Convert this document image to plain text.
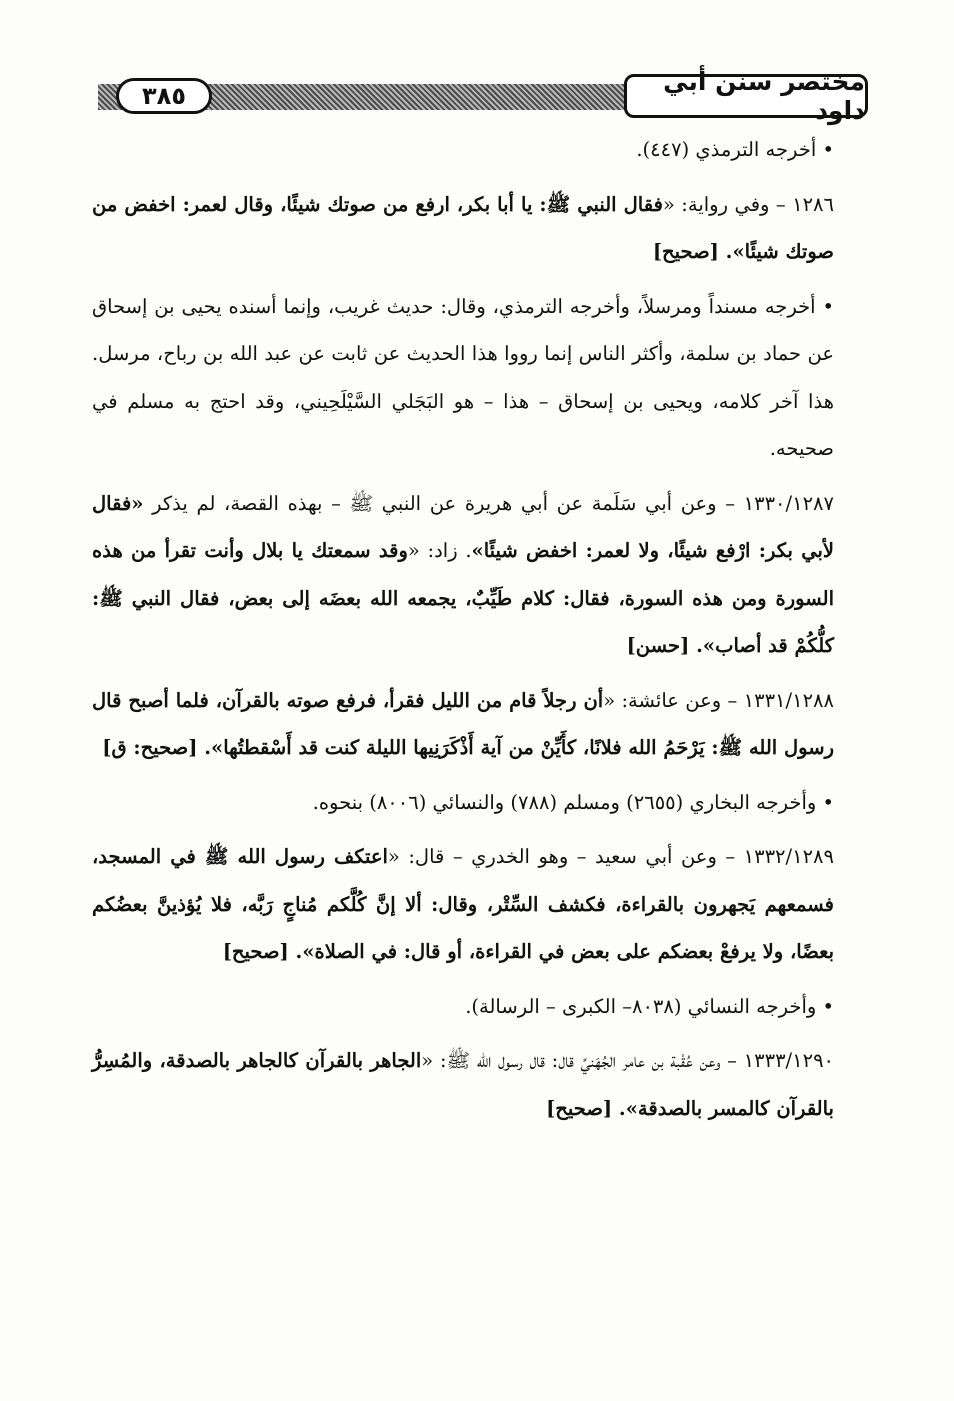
مختصر سنن أبي داود
٣٨٥

• أخرجه الترمذي (٤٤٧).

١٢٨٦ – وفي رواية: «فقال النبي ﷺ: يا أبا بكر، ارفع من صوتك شيئًا، وقال لعمر: اخفض من صوتك شيئًا». [صحيح]

• أخرجه مسنداً ومرسلاً، وأخرجه الترمذي، وقال: حديث غريب، وإنما أسنده يحيى بن إسحاق عن حماد بن سلمة، وأكثر الناس إنما رووا هذا الحديث عن ثابت عن عبد الله بن رباح، مرسل. هذا آخر كلامه، ويحيى بن إسحاق – هذا – هو البَجَلي السَّيْلَحِيني، وقد احتج به مسلم في صحيحه.

١٣٣٠/١٢٨٧ – وعن أبي سَلَمة عن أبي هريرة عن النبي ﷺ – بهذه القصة، لم يذكر «فقال لأبي بكر: ارْفع شيئًا، ولا لعمر: اخفض شيئًا». زاد: «وقد سمعتك يا بلال وأنت تقرأ من هذه السورة ومن هذه السورة، فقال: كلام طَيِّبٌ، يجمعه الله بعضَه إلى بعض، فقال النبي ﷺ: كلُّكُمْ قد أصاب». [حسن]

١٣٣١/١٢٨٨ – وعن عائشة: «أن رجلاً قام من الليل فقرأ، فرفع صوته بالقرآن، فلما أصبح قال رسول الله ﷺ: يَرْحَمُ الله فلانًا، كأَيِّنْ من آية أَذْكَرَنِيها الليلة كنت قد أَسْقطتُها». [صحيح: ق]

• وأخرجه البخاري (٢٦٥٥) ومسلم (٧٨٨) والنسائي (٨٠٠٦) بنحوه.

١٣٣٢/١٢٨٩ – وعن أبي سعيد – وهو الخدري – قال: «اعتكف رسول الله ﷺ في المسجد، فسمعهم يَجهرون بالقراءة، فكشف السِّتْر، وقال: ألا إنَّ كُلَّكم مُناجٍ رَبَّه، فلا يُؤذينَّ بعضُكم بعضًا، ولا يرفعْ بعضكم على بعض في القراءة، أو قال: في الصلاة». [صحيح]

• وأخرجه النسائي (٨٠٣٨– الكبرى – الرسالة).

١٣٣٣/١٢٩٠ – وعن عُقْبة بن عامر الجُهَنيِّ قال: قال رسول الله ﷺ: «الجاهر بالقرآن كالجاهر بالصدقة، والمُسِرُّ بالقرآن كالمسر بالصدقة». [صحيح]
